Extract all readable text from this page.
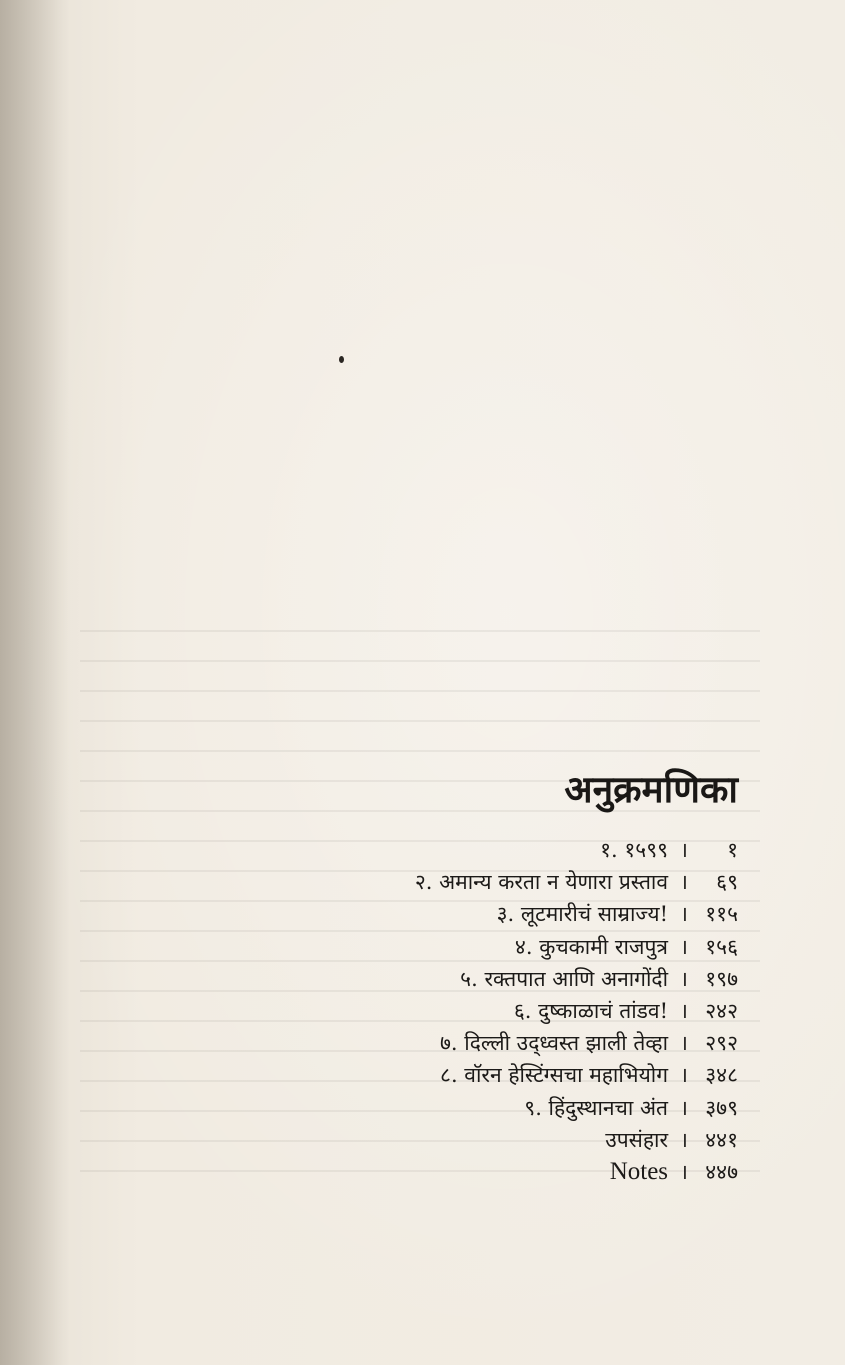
अनुक्रमणिका
१. १५९९ ।	१
२. अमान्य करता न येणारा प्रस्ताव ।	६९
३. लूटमारीचं साम्राज्य! । ११५
४. कुचकामी राजपुत्र । १५६
५. रक्तपात आणि अनागोंदी । १९७
६. दुष्काळाचं तांडव! । २४२
७. दिल्ली उद्‌ध्वस्त झाली तेव्हा । २९२
८. वॉरन हेस्टिंग्सचा महाभियोग । ३४८
९. हिंदुस्थानचा अंत । ३७९
उपसंहार । ४४१
Notes । ४४७
